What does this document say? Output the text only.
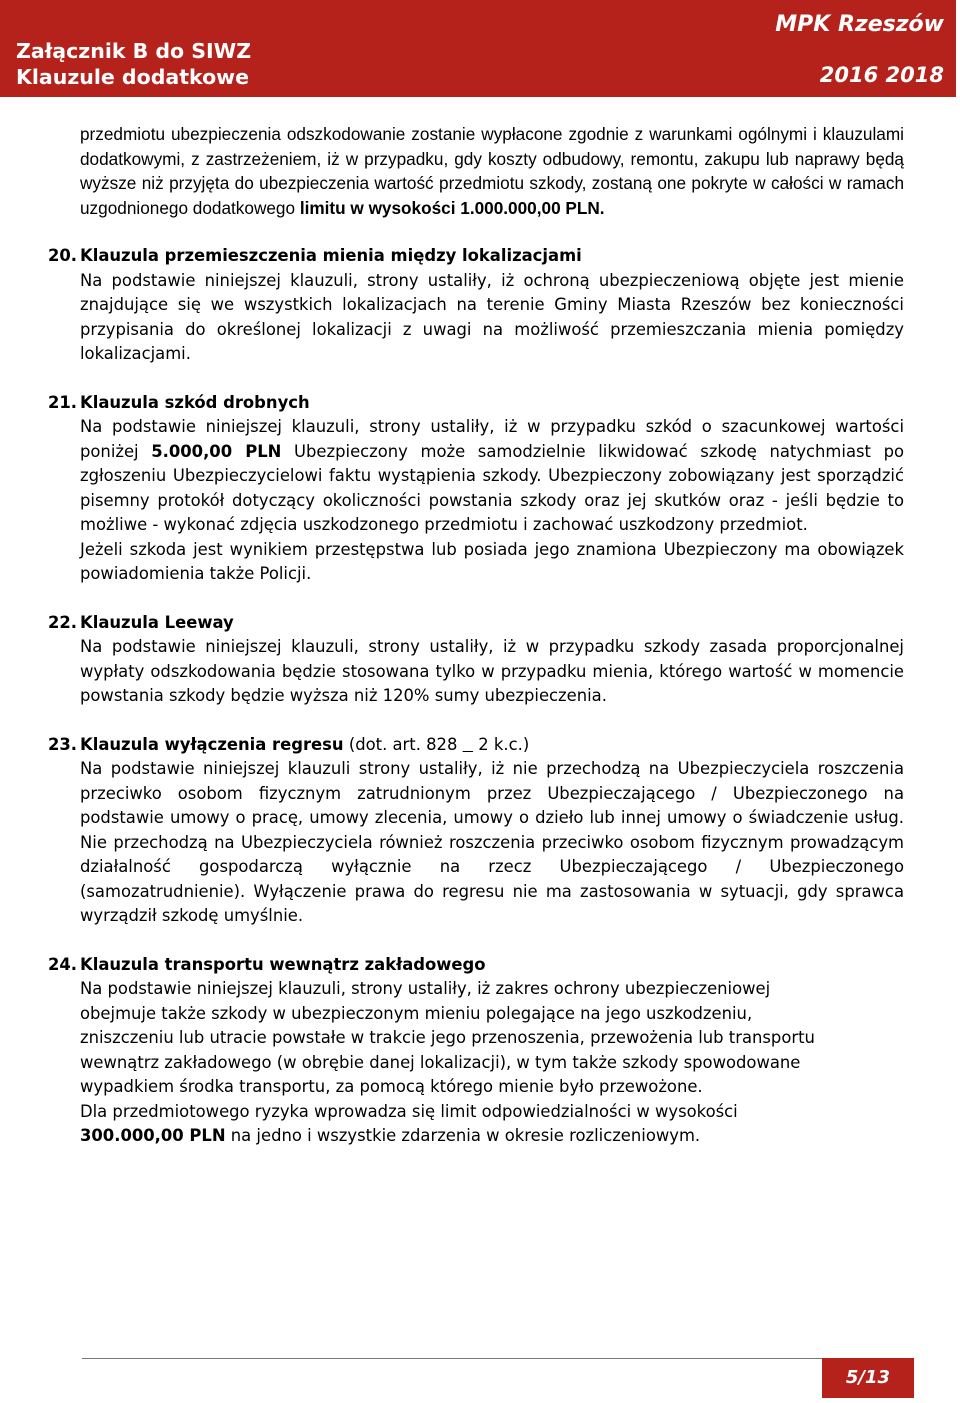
Załącznik B do SIWZ
Klauzule dodatkowe
MPK Rzeszów
2016 2018

przedmiotu ubezpieczenia odszkodowanie zostanie wypłacone zgodnie z warunkami ogólnymi i klauzulami dodatkowymi, z zastrzeżeniem, iż w przypadku, gdy koszty odbudowy, remontu, zakupu lub naprawy będą wyższe niż przyjęta do ubezpieczenia wartość przedmiotu szkody, zostaną one pokryte w całości w ramach uzgodnionego dodatkowego limitu w wysokości 1.000.000,00 PLN.

20. Klauzula przemieszczenia mienia między lokalizacjami

Na podstawie niniejszej klauzuli, strony ustaliły, iż ochroną ubezpieczeniową objęte jest mienie znajdujące się we wszystkich lokalizacjach na terenie Gminy Miasta Rzeszów bez konieczności przypisania do określonej lokalizacji z uwagi na możliwość przemieszczania mienia pomiędzy lokalizacjami.

21. Klauzula szkód drobnych

Na podstawie niniejszej klauzuli, strony ustaliły, iż w przypadku szkód o szacunkowej wartości poniżej 5.000,00 PLN Ubezpieczony może samodzielnie likwidować szkodę natychmiast po zgłoszeniu Ubezpieczycielowi faktu wystąpienia szkody. Ubezpieczony zobowiązany jest sporządzić pisemny protokół dotyczący okoliczności powstania szkody oraz jej skutków oraz - jeśli będzie to możliwe - wykonać zdjęcia uszkodzonego przedmiotu i zachować uszkodzony przedmiot.

Jeżeli szkoda jest wynikiem przestępstwa lub posiada jego znamiona Ubezpieczony ma obowiązek powiadomienia także Policji.

22. Klauzula Leeway

Na podstawie niniejszej klauzuli, strony ustaliły, iż w przypadku szkody zasada proporcjonalnej wypłaty odszkodowania będzie stosowana tylko w przypadku mienia, którego wartość w momencie powstania szkody będzie wyższa niż 120% sumy ubezpieczenia.

23. Klauzula wyłączenia regresu (dot. art. 828    2 k.c.)

Na podstawie niniejszej klauzuli strony ustaliły, iż nie przechodzą na Ubezpieczyciela roszczenia przeciwko osobom fizycznym zatrudnionym przez Ubezpieczającego / Ubezpieczonego na podstawie umowy o pracę, umowy zlecenia, umowy o dzieło lub innej umowy o świadczenie usług. Nie przechodzą na Ubezpieczyciela również roszczenia przeciwko osobom fizycznym prowadzącym działalność gospodarczą wyłącznie na rzecz Ubezpieczającego / Ubezpieczonego (samozatrudnienie). Wyłączenie prawa do regresu nie ma zastosowania w sytuacji, gdy sprawca wyrządził szkodę umyślnie.

24. Klauzula transportu wewnątrz zakładowego

Na podstawie niniejszej klauzuli, strony ustaliły, iż zakres ochrony ubezpieczeniowej
obejmuje także szkody w ubezpieczonym mieniu polegające na jego uszkodzeniu,
zniszczeniu lub utracie powstałe w trakcie jego przenoszenia, przewożenia lub transportu
wewnątrz zakładowego (w obrębie danej lokalizacji), w tym także szkody spowodowane
wypadkiem środka transportu, za pomocą którego mienie było przewożone.
Dla przedmiotowego ryzyka wprowadza się limit odpowiedzialności w wysokości
300.000,00 PLN na jedno i wszystkie zdarzenia w okresie rozliczeniowym.
5/13
